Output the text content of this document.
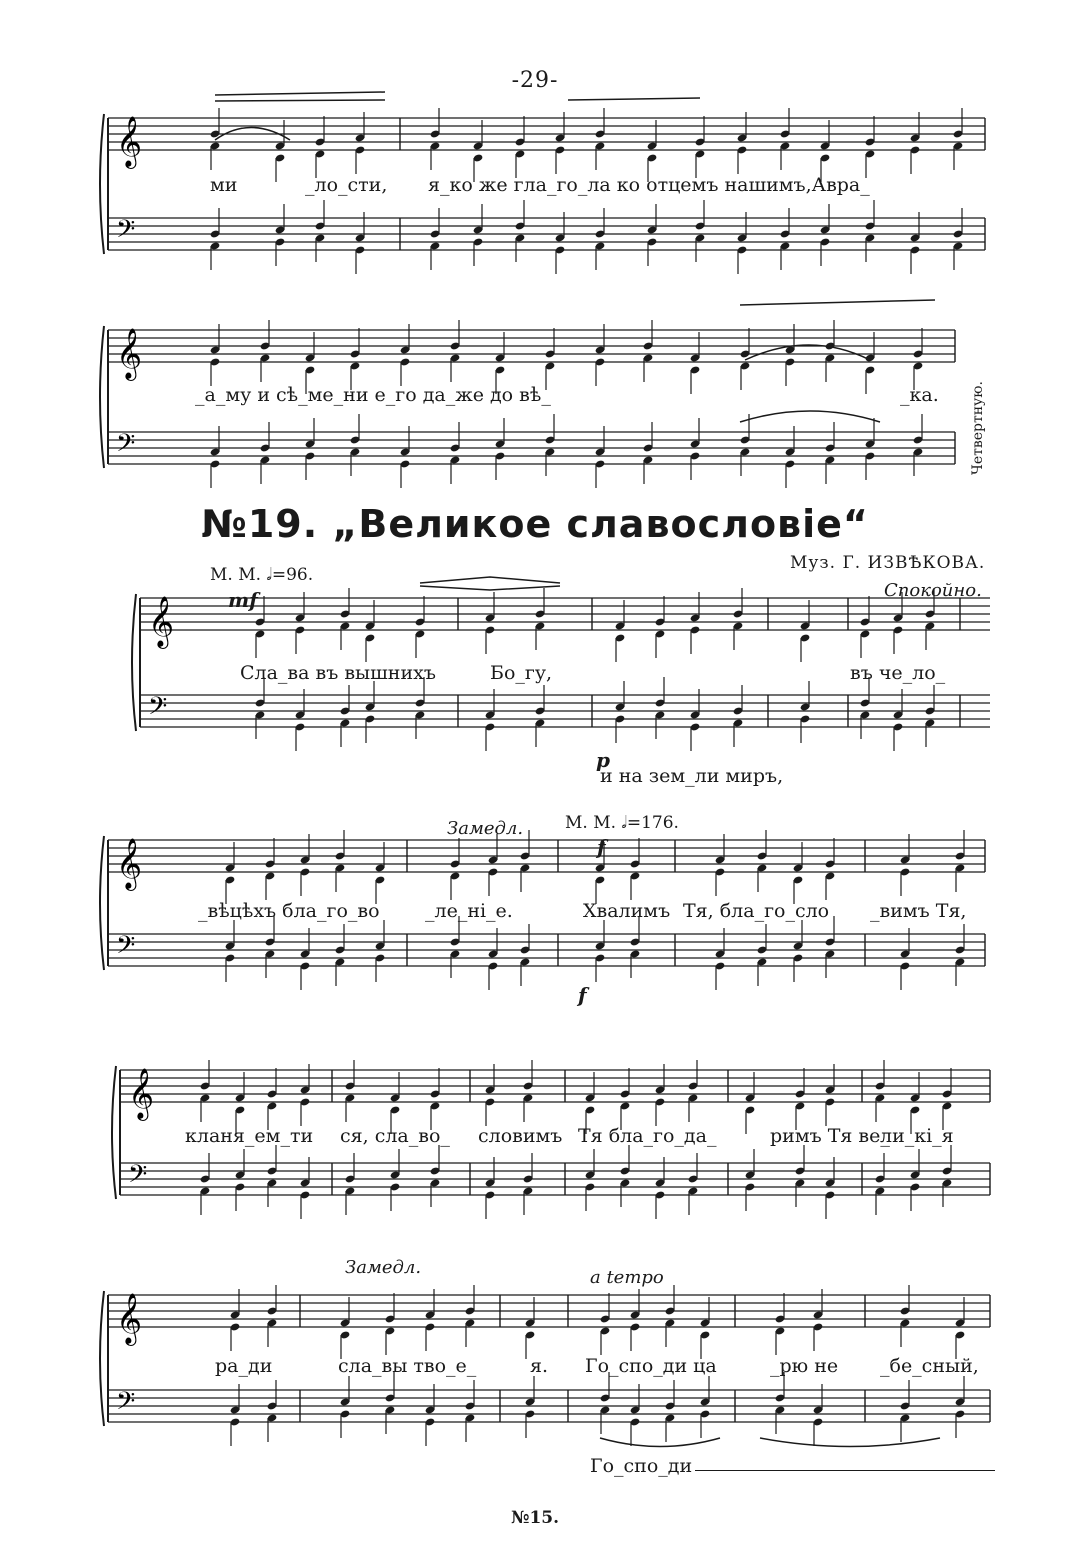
-29-
№19. „Великое славословіе“
Муз. Г. ИЗВѢКОВА.
М. М. 𝅗𝅥=96.
М. М. 𝅗𝅥=176.
Спокойно.
Замедл.
Замедл.	a tempo
mf
p
f
f
Четвертную.
ми	_ло_сти, я_ко же гла_го_ла ко отцемъ нашимъ,Авра_
_а_му и сѣ_ме_ни е_го да_же до вѣ_	_ка.
Сла_ва въ вышнихъ	Бо_гу,	въ че_ло_
и на зем_ли миръ,
_вѣцѣхъ бла_го_во _ле_ні_е.	Хвалимъ Тя, бла_го_сло _вимъ Тя,
кланя_ем_ти ся, сла_во_ словимъ Тя бла_го_да_	римъ Тя ве_
ли_кі_я
ра_ди	сла_вы тво_е_	я. Го_спо_ди ца	_рю не _бе_сный,
Го_спо_ди
№15.
𝄞
𝄢
𝄞
𝄢
𝄞
𝄢
𝄞
𝄢
𝄞
𝄢
𝄞
𝄢
